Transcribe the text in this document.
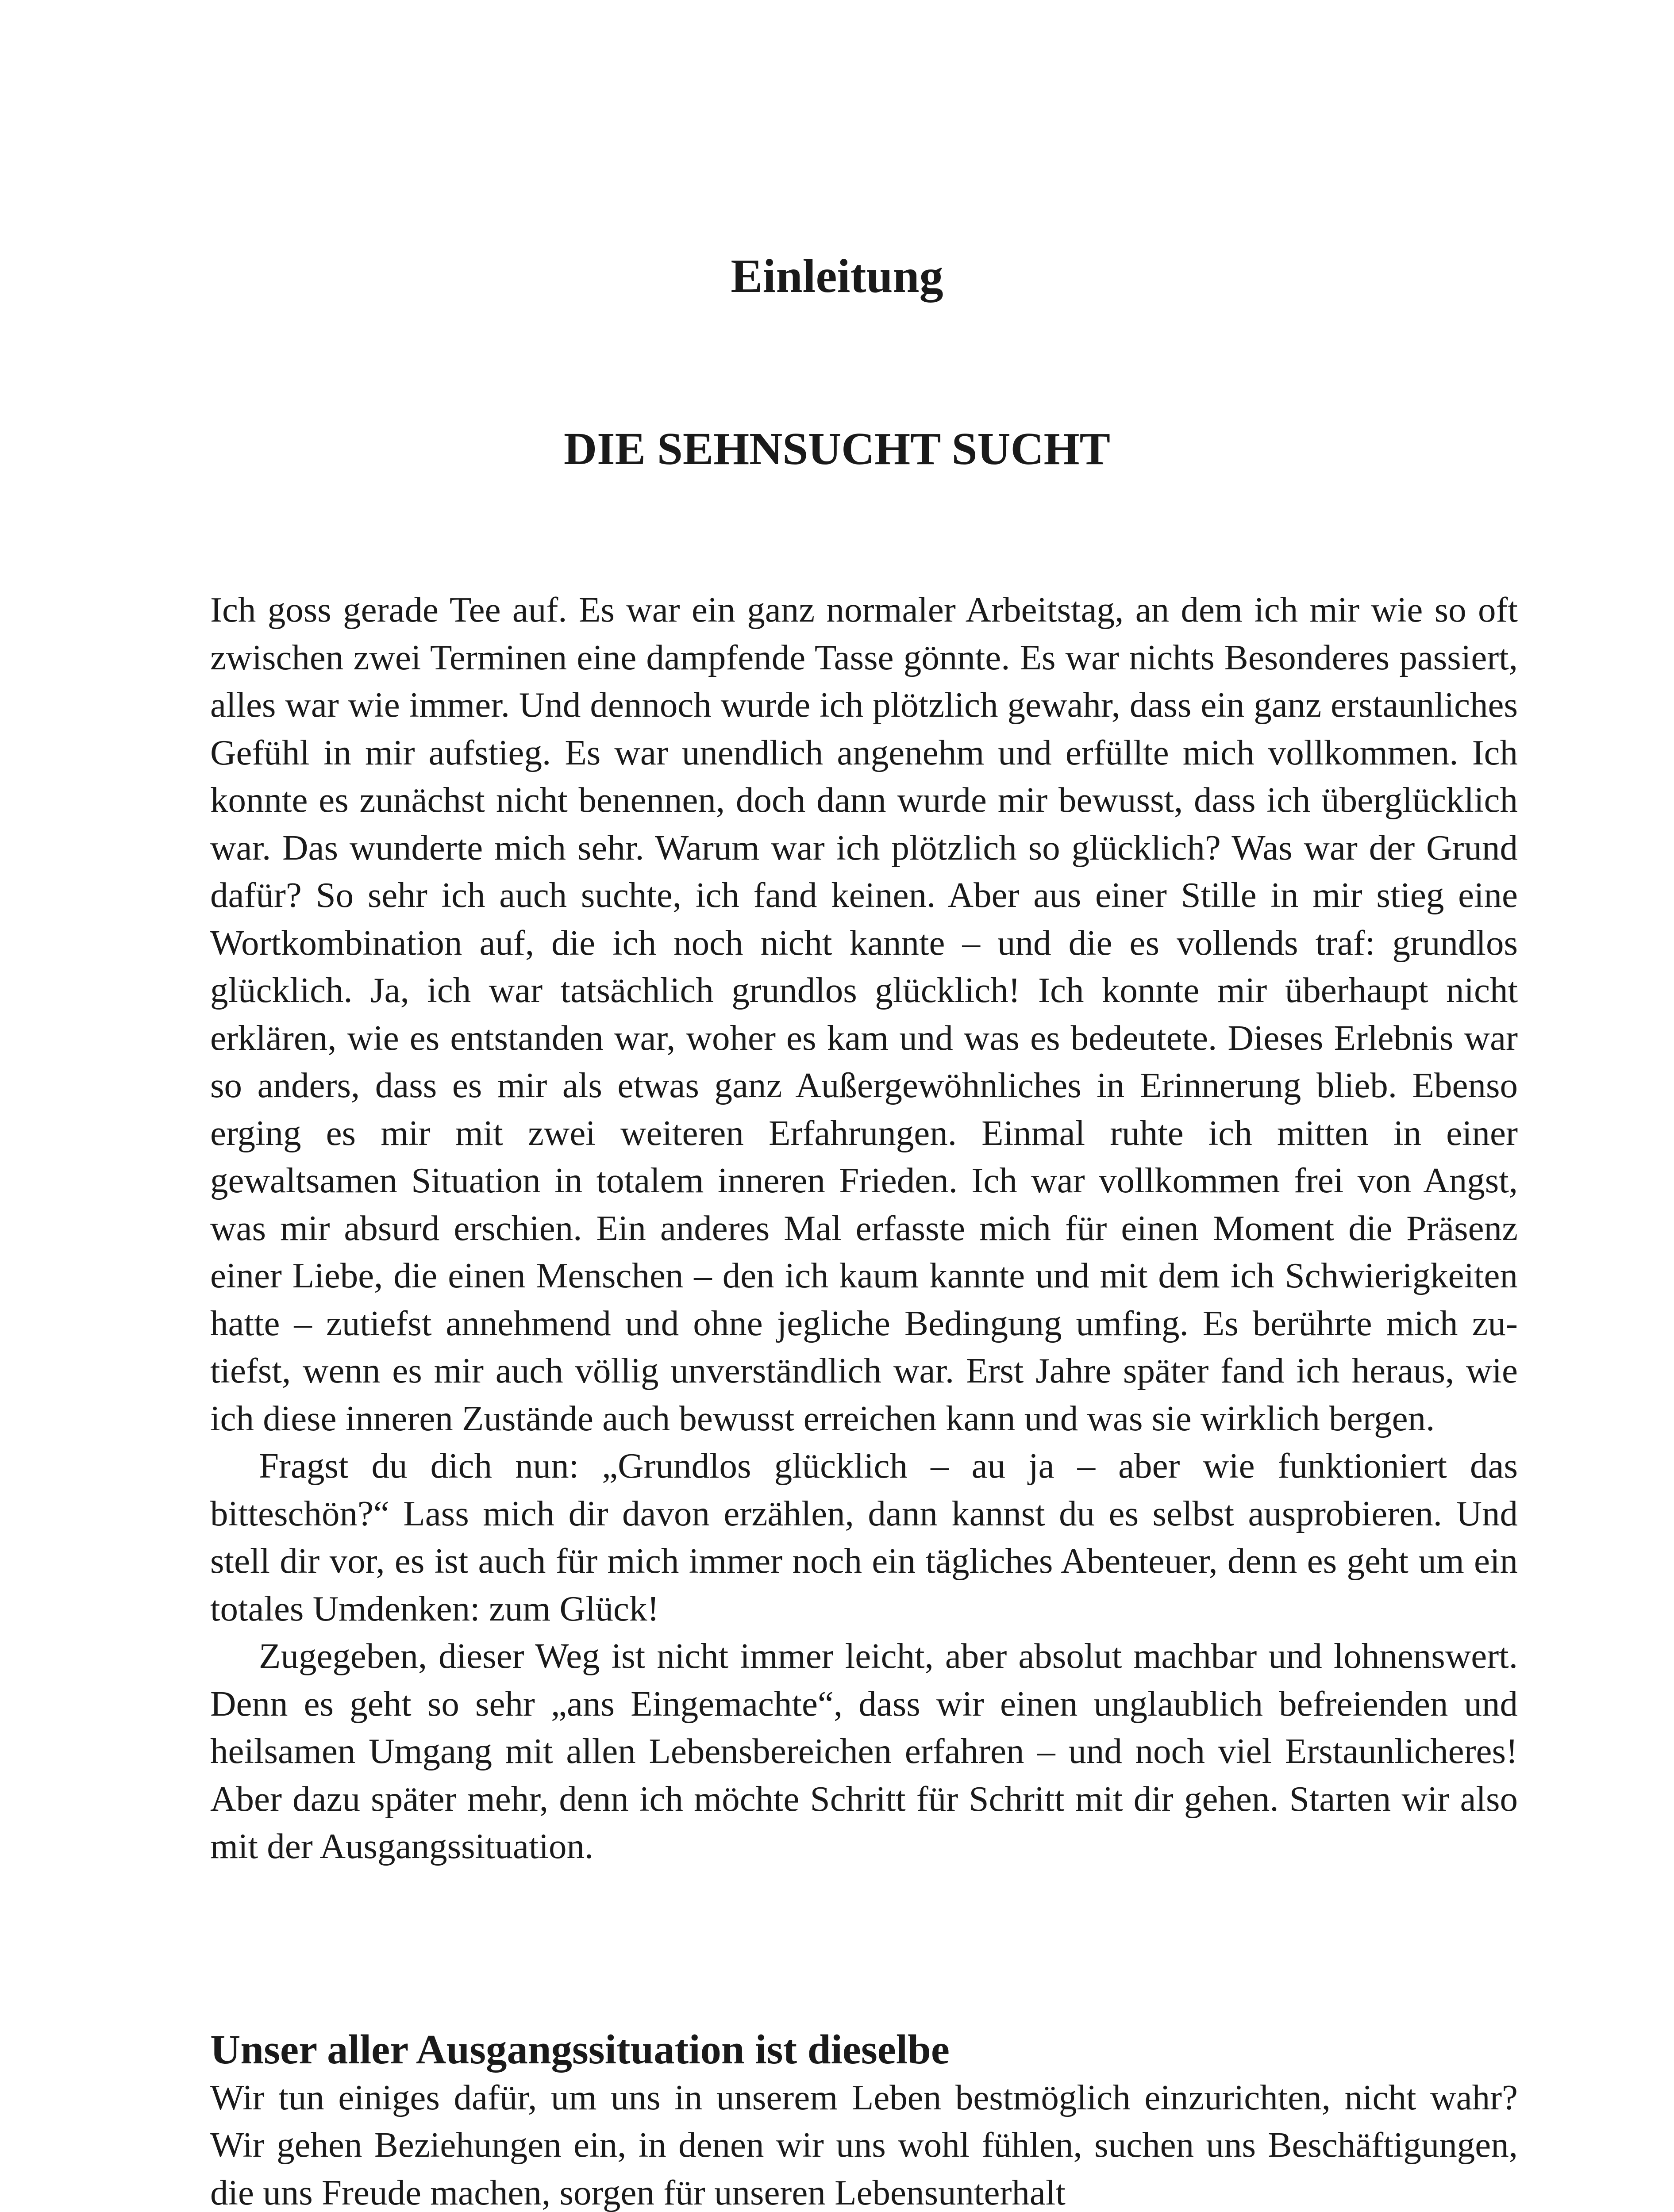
Einleitung
DIE SEHNSUCHT SUCHT

Ich goss gerade Tee auf. Es war ein ganz normaler Arbeitstag, an dem ich mir wie so oft zwischen zwei Terminen eine dampfende Tasse gönnte. Es war nichts Besonderes passiert, alles war wie immer. Und dennoch wurde ich plötzlich gewahr, dass ein ganz erstaunliches Gefühl in mir aufstieg. Es war unendlich angenehm und erfüllte mich vollkommen. Ich konnte es zunächst nicht benennen, doch dann wurde mir bewusst, dass ich überglücklich war. Das wunderte mich sehr. Warum war ich plötzlich so glücklich? Was war der Grund dafür? So sehr ich auch suchte, ich fand keinen. Aber aus einer Stille in mir stieg eine Wortkombination auf, die ich noch nicht kannte – und die es vollends traf: grundlos glücklich. Ja, ich war tatsächlich grundlos glücklich! Ich konnte mir überhaupt nicht erklären, wie es entstanden war, woher es kam und was es bedeutete. Dieses Erlebnis war so anders, dass es mir als etwas ganz Außergewöhnliches in Erinnerung blieb. Ebenso erging es mir mit zwei weiteren Erfahrungen. Einmal ruhte ich mitten in einer gewaltsamen Situation in totalem inneren Frieden. Ich war vollkommen frei von Angst, was mir absurd erschien. Ein anderes Mal erfasste mich für einen Moment die Präsenz einer Liebe, die einen Menschen – den ich kaum kannte und mit dem ich Schwierigkeiten hatte – zutiefst annehmend und ohne jegliche Bedingung umfing. Es berührte mich zutiefst, wenn es mir auch völlig unverständlich war. Erst Jahre später fand ich heraus, wie ich diese inneren Zustände auch bewusst erreichen kann und was sie wirklich bergen.

Fragst du dich nun: „Grundlos glücklich – au ja – aber wie funktioniert das bitteschön?“ Lass mich dir davon erzählen, dann kannst du es selbst ausprobieren. Und stell dir vor, es ist auch für mich immer noch ein tägliches Abenteuer, denn es geht um ein totales Umdenken: zum Glück!

Zugegeben, dieser Weg ist nicht immer leicht, aber absolut machbar und lohnenswert. Denn es geht so sehr „ans Eingemachte“, dass wir einen unglaublich befreienden und heilsamen Umgang mit allen Lebensbereichen erfahren – und noch viel Erstaunlicheres! Aber dazu später mehr, denn ich möchte Schritt für Schritt mit dir gehen. Starten wir also mit der Ausgangssituation.

Unser aller Ausgangssituation ist dieselbe

Wir tun einiges dafür, um uns in unserem Leben bestmöglich einzurichten, nicht wahr? Wir gehen Beziehungen ein, in denen wir uns wohl fühlen, suchen uns Beschäftigungen, die uns Freude machen, sorgen für unseren Lebensunterhalt
